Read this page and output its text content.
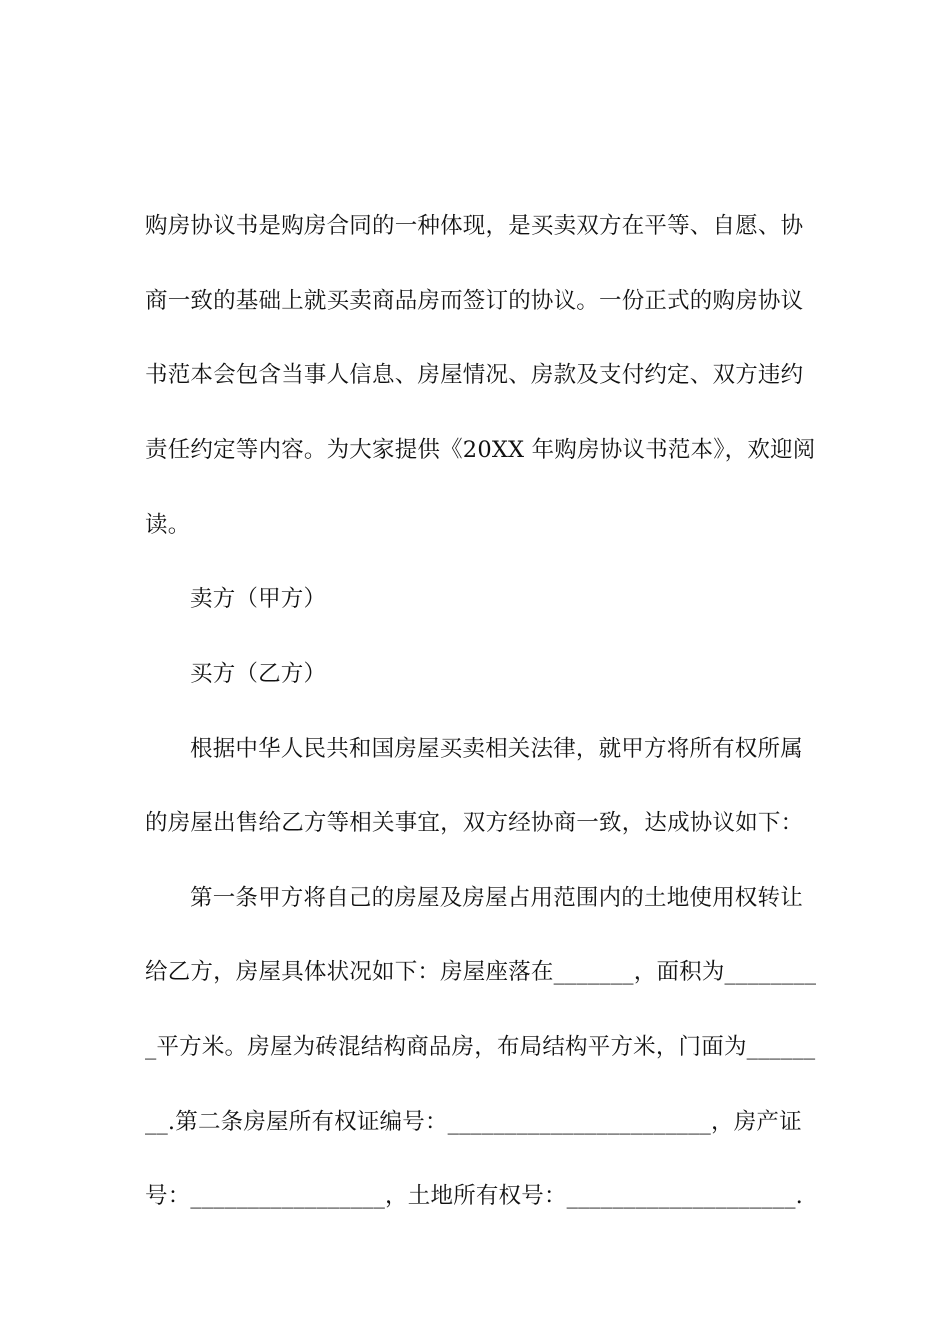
购房协议书是购房合同的一种体现，是买卖双方在平等、自愿、协
商一致的基础上就买卖商品房而签订的协议。一份正式的购房协议
书范本会包含当事人信息、房屋情况、房款及支付约定、双方违约
责任约定等内容。为大家提供《20XX 年购房协议书范本》，欢迎阅
读。
卖方（甲方）
买方（乙方）
根据中华人民共和国房屋买卖相关法律，就甲方将所有权所属
的房屋出售给乙方等相关事宜，双方经协商一致，达成协议如下：
第一条甲方将自己的房屋及房屋占用范围内的土地使用权转让
给乙方，房屋具体状况如下：房屋座落在_______，面积为________
_平方米。房屋为砖混结构商品房，布局结构平方米，门面为______
__.第二条房屋所有权证编号：_______________________，房产证
号：_________________，土地所有权号：____________________.
